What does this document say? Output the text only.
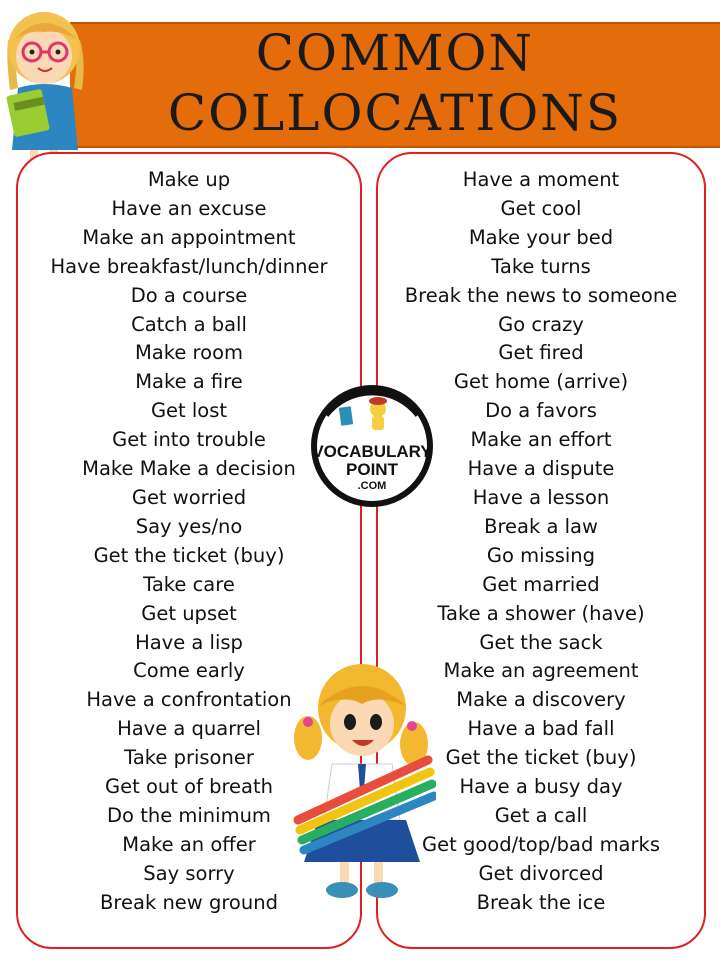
COMMON
COLLOCATIONS
Make up
Have an excuse
Make an appointment
Have breakfast/lunch/dinner
Do a course
Catch a ball
Make room
Make a fire
Get lost
Get into trouble
Make Make a decision
Get worried
Say yes/no
Get the ticket (buy)
Take care
Get upset
Have a lisp
Come early
Have a confrontation
Have a quarrel
Take prisoner
Get out of breath
Do the minimum
Make an offer
Say sorry
Break new ground
Have a moment
Get cool
Make your bed
Take turns
Break the news to someone
Go crazy
Get fired
Get home (arrive)
Do a favors
Make an effort
Have a dispute
Have a lesson
Break a law
Go missing
Get married
Take a shower (have)
Get the sack
Make an agreement
Make a discovery
Have a bad fall
Get the ticket (buy)
Have a busy day
Get a call
Get good/top/bad marks
Get divorced
Break the ice
VOCABULARY
POINT
.COM
